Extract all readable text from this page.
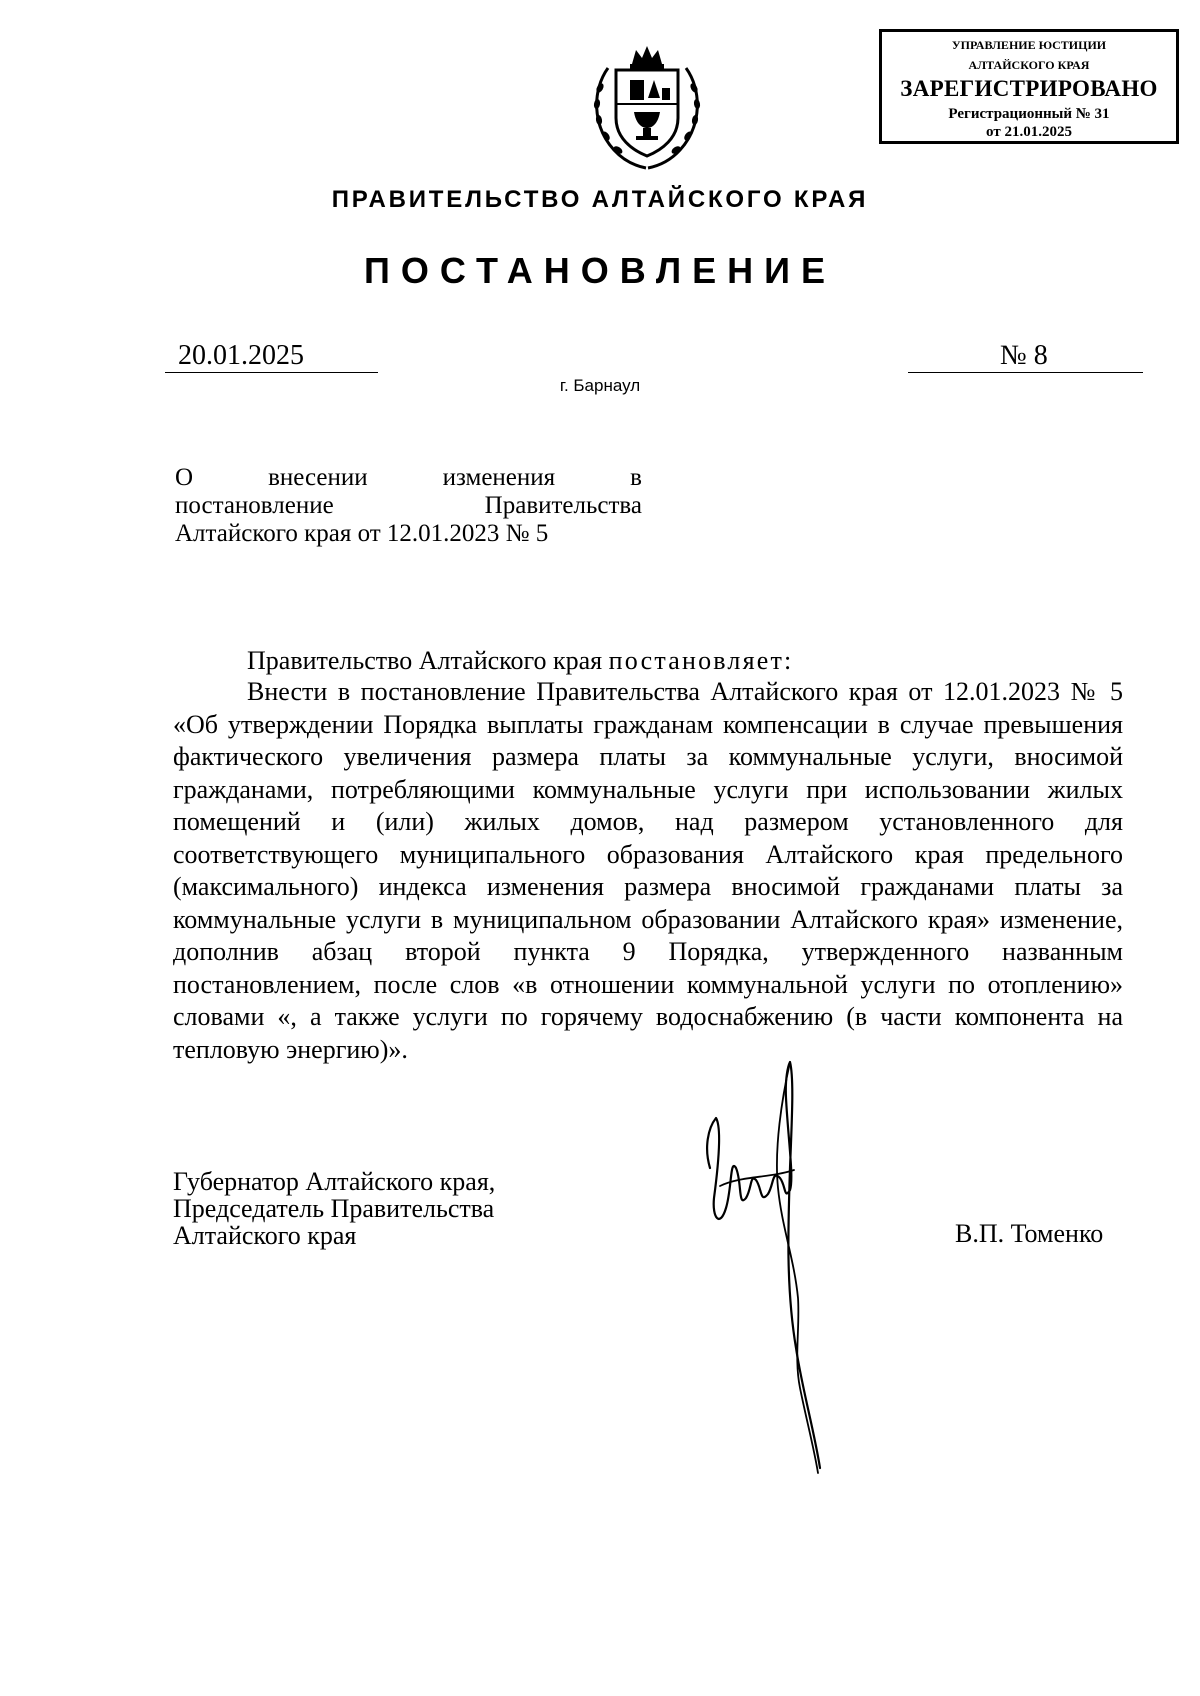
УПРАВЛЕНИЕ ЮСТИЦИИ
АЛТАЙСКОГО КРАЯ
ЗАРЕГИСТРИРОВАНО
Регистрационный № 31
от 21.01.2025
ПРАВИТЕЛЬСТВО АЛТАЙСКОГО КРАЯ
ПОСТАНОВЛЕНИЕ
20.01.2025	№ 8
г. Барнаул
О	внесении	изменения	в
постановление	Правительства
Алтайского края от 12.01.2023 № 5
Правительство Алтайского края постановляет:

Внести в постановление Правительства Алтайского края от 12.01.2023 № 5 «Об утверждении Порядка выплаты гражданам компенсации в случае превышения фактического увеличения размера платы за коммунальные услуги, вносимой гражданами, потребляющими коммунальные услуги при использовании жилых помещений и (или) жилых домов, над размером установленного для соответствующего муниципального образования Алтайского края предельного (максимального) индекса изменения размера вносимой гражданами платы за коммунальные услуги в муниципальном образовании Алтайского края» изменение, дополнив абзац второй пункта 9 Порядка, утвержденного названным постановлением, после слов «в отношении коммунальной услуги по отоплению» словами «, а также услуги по горячему водоснабжению (в части компонента на тепловую энергию)».

Губернатор Алтайского края,
Председатель Правительства
Алтайского края	В.П. Томенко
